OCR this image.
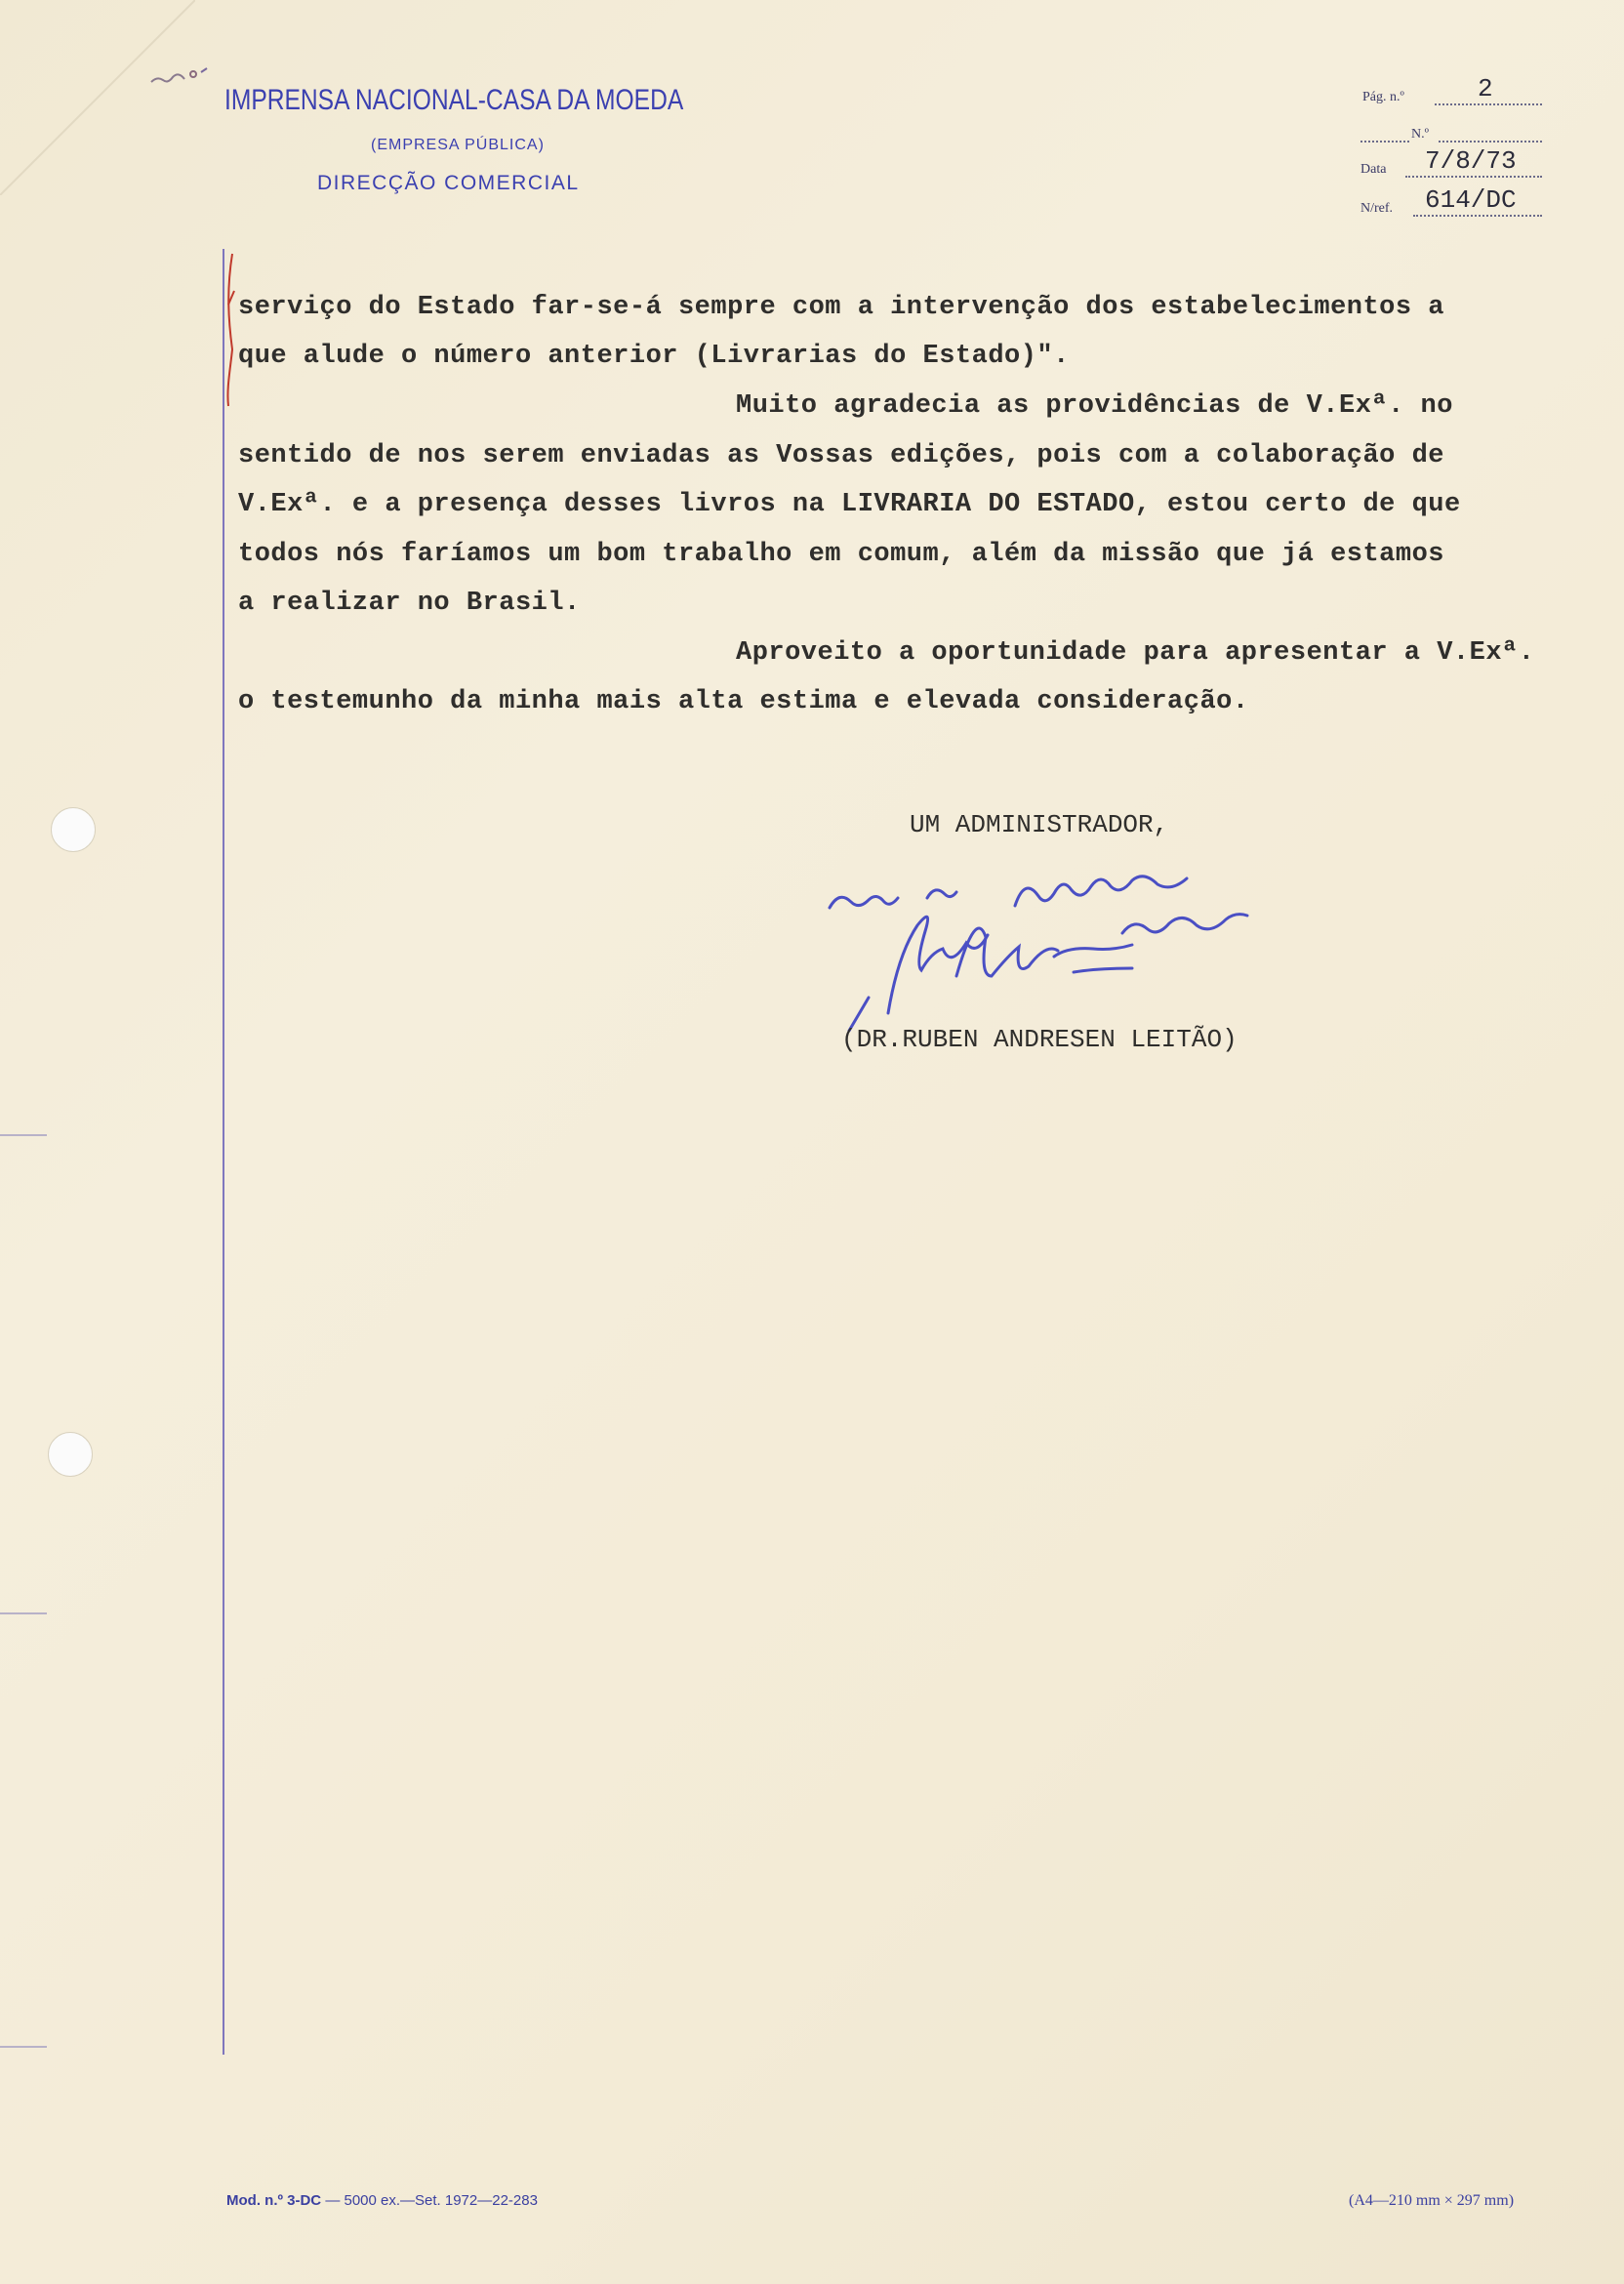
IMPRENSA NACIONAL-CASA DA MOEDA
(EMPRESA PÚBLICA)
DIRECÇÃO COMERCIAL
Pág. n.º	2
N.º
Data 7/8/73
N/ref. 614/DC
serviço do Estado far-se-á sempre com a intervenção dos estabelecimentos a
que alude o número anterior (Livrarias do Estado)".
Muito agradecia as providências de V.Exª. no
sentido de nos serem enviadas as Vossas edições, pois com a colaboração de
V.Exª. e a presença desses livros na LIVRARIA DO ESTADO, estou certo de que
todos nós faríamos um bom trabalho em comum, além da missão que já estamos
a realizar no Brasil.
Aproveito a oportunidade para apresentar a V.Exª.
o testemunho da minha mais alta estima e elevada consideração.
UM ADMINISTRADOR,
(DR.RUBEN ANDRESEN LEITÃO)
Mod. n.º 3-DC — 5000 ex.—Set. 1972—22-283	(A4—210 mm × 297 mm)
